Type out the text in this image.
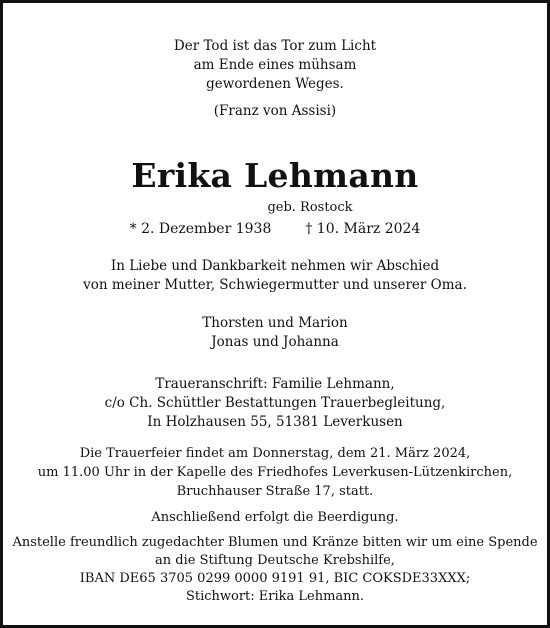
Der Tod ist das Tor zum Licht
am Ende eines mühsam
gewordenen Weges.
(Franz von Assisi)
Erika Lehmann
geb. Rostock
* 2. Dezember 1938 † 10. März 2024
In Liebe und Dankbarkeit nehmen wir Abschied
von meiner Mutter, Schwiegermutter und unserer Oma.
Thorsten und Marion
Jonas und Johanna
Traueranschrift: Familie Lehmann,
c/o Ch. Schüttler Bestattungen Trauerbegleitung,
In Holzhausen 55, 51381 Leverkusen
Die Trauerfeier findet am Donnerstag, dem 21. März 2024,
um 11.00 Uhr in der Kapelle des Friedhofes Leverkusen-Lützenkirchen,
Bruchhauser Straße 17, statt.
Anschließend erfolgt die Beerdigung.
Anstelle freundlich zugedachter Blumen und Kränze bitten wir um eine Spende
an die Stiftung Deutsche Krebshilfe,
IBAN DE65 3705 0299 0000 9191 91, BIC COKSDE33XXX;
Stichwort: Erika Lehmann.
